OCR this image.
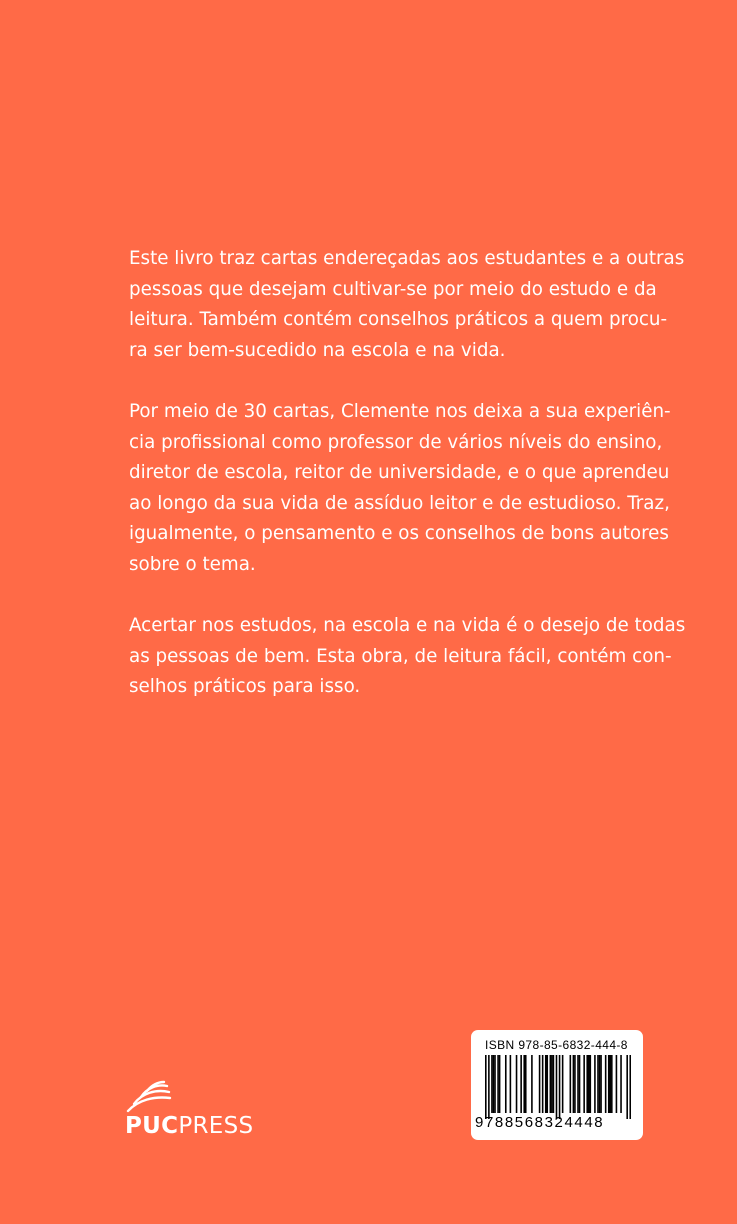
Este livro traz cartas endereçadas aos estudantes e a outras
pessoas que desejam cultivar-se por meio do estudo e da
leitura. Também contém conselhos práticos a quem procu-
ra ser bem-sucedido na escola e na vida.

Por meio de 30 cartas, Clemente nos deixa a sua experiên-
cia profissional como professor de vários níveis do ensino,
diretor de escola, reitor de universidade, e o que aprendeu
ao longo da sua vida de assíduo leitor e de estudioso. Traz,
igualmente, o pensamento e os conselhos de bons autores
sobre o tema.

Acertar nos estudos, na escola e na vida é o desejo de todas
as pessoas de bem. Esta obra, de leitura fácil, contém con-
selhos práticos para isso.

PUCPRESS
ISBN 978-85-6832-444-8
9788568324448
